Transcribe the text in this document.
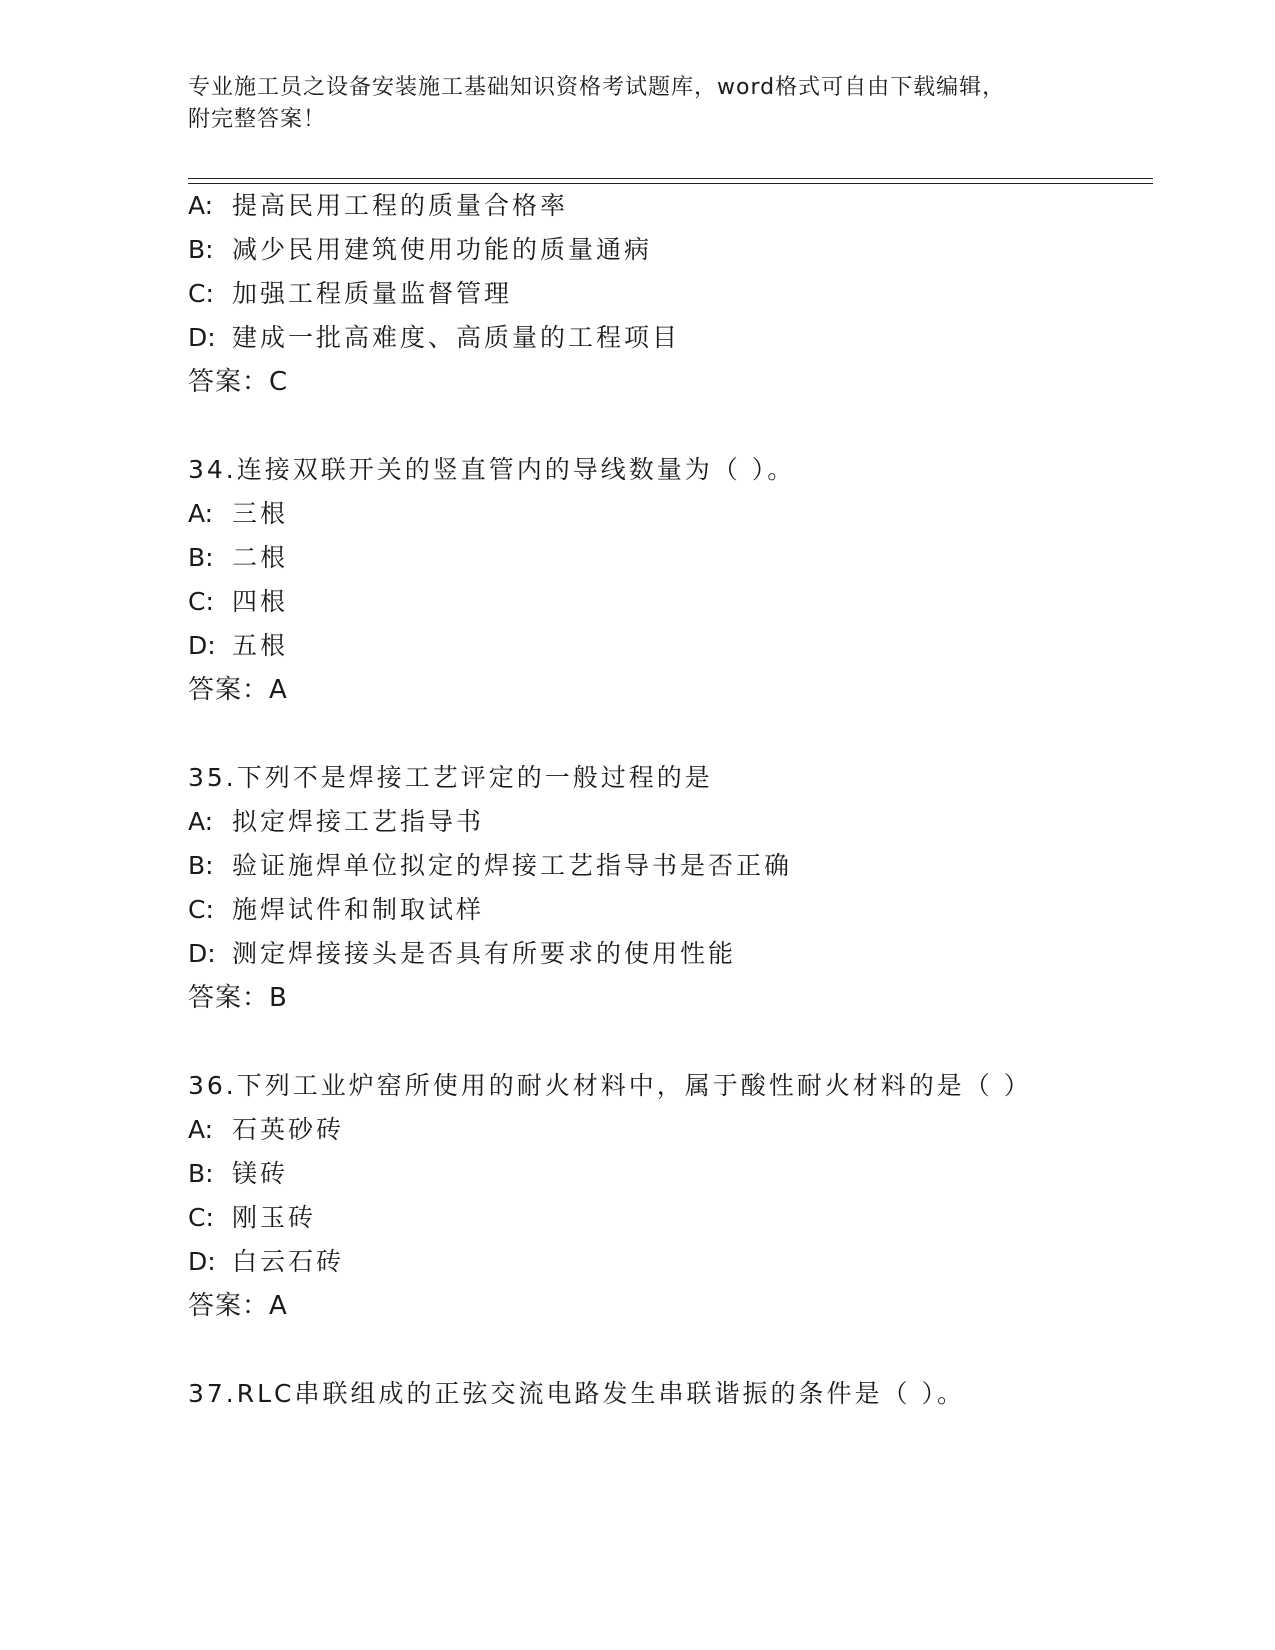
专业施工员之设备安装施工基础知识资格考试题库，word格式可自由下载编辑，
附完整答案！
A: 提高民用工程的质量合格率
B: 减少民用建筑使用功能的质量通病
C: 加强工程质量监督管理
D: 建成一批高难度、高质量的工程项目
答案：C
34.连接双联开关的竖直管内的导线数量为（ ）。
A: 三根
B: 二根
C: 四根
D: 五根
答案：A
35.下列不是焊接工艺评定的一般过程的是
A: 拟定焊接工艺指导书
B: 验证施焊单位拟定的焊接工艺指导书是否正确
C: 施焊试件和制取试样
D: 测定焊接接头是否具有所要求的使用性能
答案：B
36.下列工业炉窑所使用的耐火材料中，属于酸性耐火材料的是（ ）
A: 石英砂砖
B: 镁砖
C: 刚玉砖
D: 白云石砖
答案：A
37.RLC串联组成的正弦交流电路发生串联谐振的条件是（ ）。
